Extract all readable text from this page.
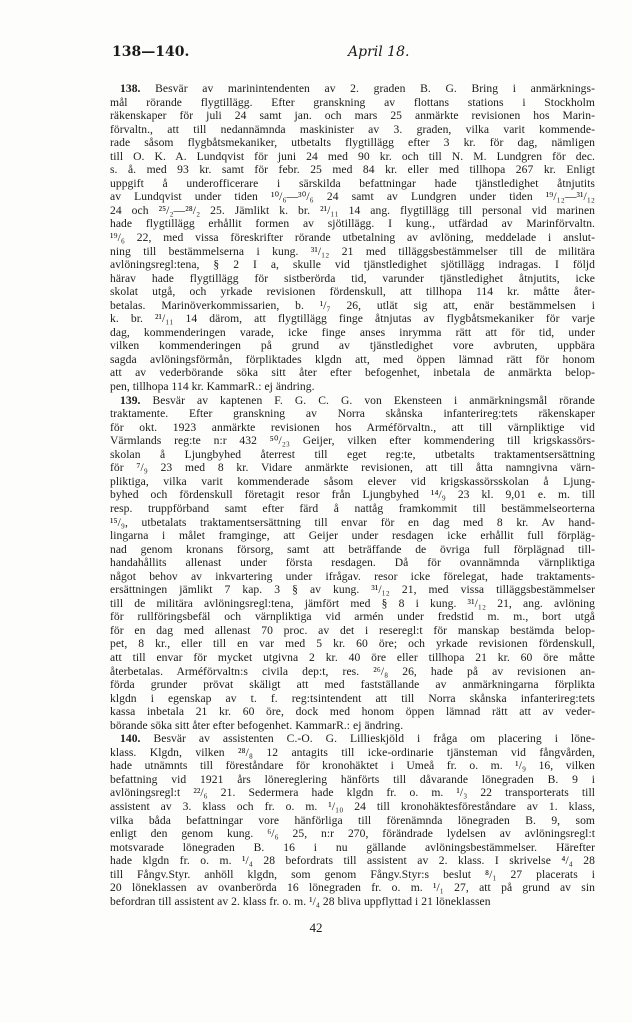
138—140.	April 18.
138. Besvär av marinintendenten av 2. graden B. G. Bring i anmärknings-
mål rörande flygtillägg. Efter granskning av flottans stations i Stockholm
räkenskaper för juli 24 samt jan. och mars 25 anmärkte revisionen hos Marin-
förvaltn., att till nedannämnda maskinister av 3. graden, vilka varit kommende-
rade såsom flygbåtsmekaniker, utbetalts flygtillägg efter 3 kr. för dag, nämligen
till O. K. A. Lundqvist för juni 24 med 90 kr. och till N. M. Lundgren för dec.
s. å. med 93 kr. samt för febr. 25 med 84 kr. eller med tillhopa 267 kr. Enligt
uppgift å underofficerare i särskilda befattningar hade tjänstledighet åtnjutits
av Lundqvist under tiden ¹⁰/₆—³⁰/₆ 24 samt av Lundgren under tiden ¹⁹/₁₂—³¹/₁₂
24 och ²⁵/₂—²⁸/₂ 25. Jämlikt k. br. ²¹/₁₁ 14 ang. flygtillägg till personal vid marinen
hade flygtillägg erhållit formen av sjötillägg. I kung., utfärdad av Marinförvaltn.
¹⁹/₆ 22, med vissa föreskrifter rörande utbetalning av avlöning, meddelade i anslut-
ning till bestämmelserna i kung. ³¹/₁₂ 21 med tilläggsbestämmelser till de militära
avlöningsregl:tena, § 2 I a, skulle vid tjänstledighet sjötillägg indragas. I följd
härav hade flygtillägg för sistberörda tid, varunder tjänstledighet åtnjutits, icke
skolat utgå, och yrkade revisionen fördenskull, att tillhopa 114 kr. måtte åter-
betalas. Marinöverkommissarien, b. ¹/₇ 26, utlät sig att, enär bestämmelsen i
k. br. ²¹/₁₁ 14 därom, att flygtillägg finge åtnjutas av flygbåtsmekaniker för varje
dag, kommenderingen varade, icke finge anses inrymma rätt att för tid, under
vilken kommenderingen på grund av tjänstledighet vore avbruten, uppbära
sagda avlöningsförmån, förpliktades klgdn att, med öppen lämnad rätt för honom
att av vederbörande söka sitt åter efter befogenhet, inbetala de anmärkta belop-
pen, tillhopa 114 kr. KammarR.: ej ändring.
139. Besvär av kaptenen F. G. C. G. von Ekensteen i anmärkningsmål rörande
traktamente. Efter granskning av Norra skånska infanterireg:tets räkenskaper
för okt. 1923 anmärkte revisionen hos Arméförvaltn., att till värnpliktige vid
Värmlands reg:te n:r 432 ⁵⁰/₂₃ Geijer, vilken efter kommendering till krigskassörs-
skolan å Ljungbyhed återrest till eget reg:te, utbetalts traktamentsersättning
för ⁷/₉ 23 med 8 kr. Vidare anmärkte revisionen, att till åtta namngivna värn-
pliktiga, vilka varit kommenderade såsom elever vid krigskassörsskolan å Ljung-
byhed och fördenskull företagit resor från Ljungbyhed ¹⁴/₉ 23 kl. 9,01 e. m. till
resp. truppförband samt efter färd å nattåg framkommit till bestämmelseorterna
¹⁵/₉, utbetalats traktamentsersättning till envar för en dag med 8 kr. Av hand-
lingarna i målet framginge, att Geijer under resdagen icke erhållit full förpläg-
nad genom kronans försorg, samt att beträffande de övriga full förplägnad till-
handahållits allenast under första resdagen. Då för ovannämnda värnpliktiga
något behov av inkvartering under ifrågav. resor icke förelegat, hade traktaments-
ersättningen jämlikt 7 kap. 3 § av kung. ³¹/₁₂ 21, med vissa tilläggsbestämmelser
till de militära avlöningsregl:tena, jämfört med § 8 i kung. ³¹/₁₂ 21, ang. avlöning
för rullföringsbefäl och värnpliktiga vid armén under fredstid m. m., bort utgå
för en dag med allenast 70 proc. av det i reseregl:t för manskap bestämda belop-
pet, 8 kr., eller till en var med 5 kr. 60 öre; och yrkade revisionen fördenskull,
att till envar för mycket utgivna 2 kr. 40 öre eller tillhopa 21 kr. 60 öre måtte
återbetalas. Arméförvaltn:s civila dep:t, res. ²⁶/₈ 26, hade på av revisionen an-
förda grunder prövat skäligt att med fastställande av anmärkningarna förplikta
klgdn i egenskap av t. f. reg:tsintendent att till Norra skånska infanterireg:tets
kassa inbetala 21 kr. 60 öre, dock med honom öppen lämnad rätt att av veder-
börande söka sitt åter efter befogenhet. KammarR.: ej ändring.
140. Besvär av assistenten C.-O. G. Lillieskjöld i fråga om placering i löne-
klass. Klgdn, vilken ²⁸/₈ 12 antagits till icke-ordinarie tjänsteman vid fångvården,
hade utnämnts till föreståndare för kronohäktet i Umeå fr. o. m. ¹/₉ 16, vilken
befattning vid 1921 års lönereglering hänförts till dåvarande lönegraden B. 9 i
avlöningsregl:t ²²/₆ 21. Sedermera hade klgdn fr. o. m. ¹/₃ 22 transporterats till
assistent av 3. klass och fr. o. m. ¹/₁₀ 24 till kronohäktesföreståndare av 1. klass,
vilka båda befattningar vore hänförliga till förenämnda lönegraden B. 9, som
enligt den genom kung. ⁶/₆ 25, n:r 270, förändrade lydelsen av avlöningsregl:t
motsvarade lönegraden B. 16 i nu gällande avlöningsbestämmelser. Härefter
hade klgdn fr. o. m. ¹/₄ 28 befordrats till assistent av 2. klass. I skrivelse ⁴/₄ 28
till Fångv.Styr. anhöll klgdn, som genom Fångv.Styr:s beslut ⁸/₁ 27 placerats i
20 löneklassen av ovanberörda 16 lönegraden fr. o. m. ¹/₁ 27, att på grund av sin
befordran till assistent av 2. klass fr. o. m. ¹/₄ 28 bliva uppflyttad i 21 löneklassen
42
